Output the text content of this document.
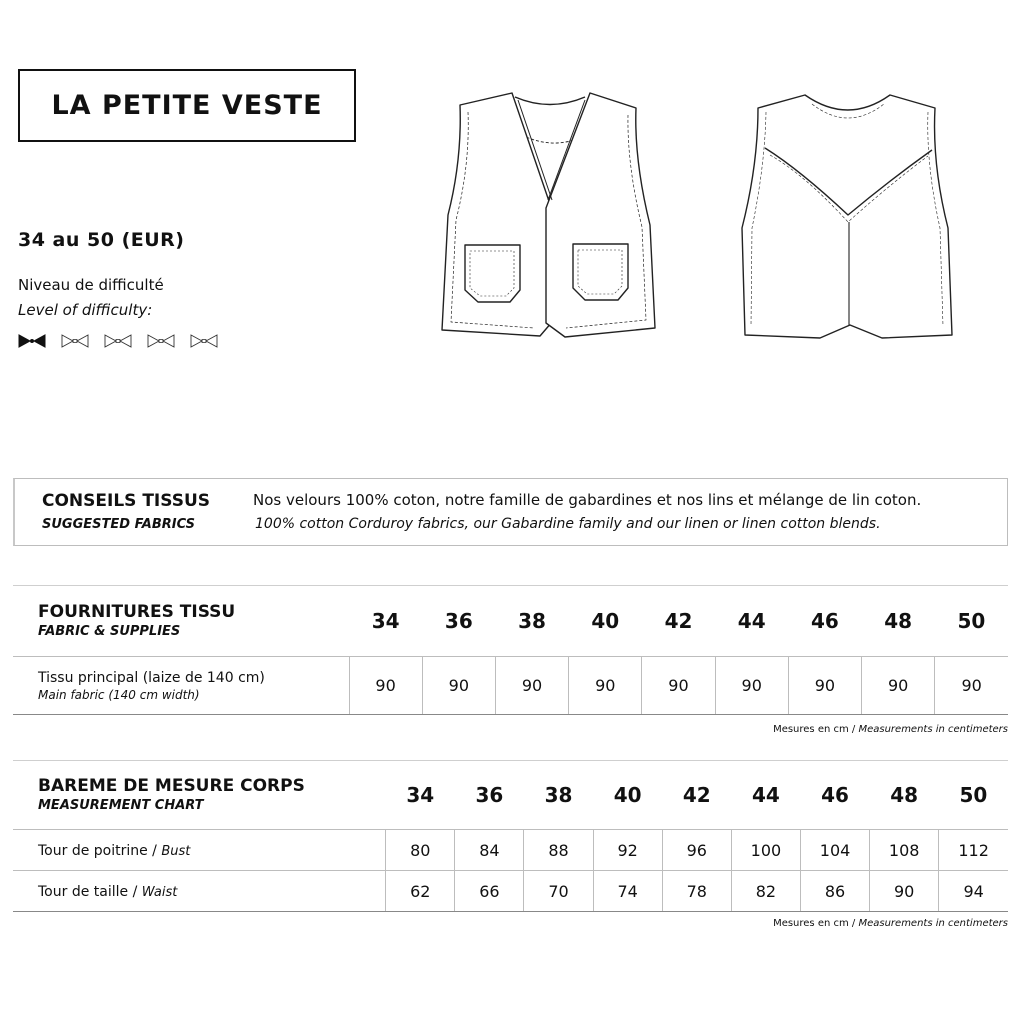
LA PETITE VESTE
34 au 50 (EUR)
Niveau de difficulté
Level of difficulty:
CONSEILS TISSUS
SUGGESTED FABRICS
Nos velours 100% coton, notre famille de gabardines et nos lins et mélange de lin coton.
100% cotton Corduroy fabrics, our Gabardine family and our linen or linen cotton blends.
FOURNITURES TISSU
FABRIC & SUPPLIES	34	36	38	40	42	44	46	48	50

Tissu principal (laize de 140 cm)
Main fabric (140 cm width)	90	90	90	90	90	90	90	90	90
Mesures en cm / Measurements in centimeters
BAREME DE MESURE CORPS
MEASUREMENT CHART	34	36	38	40	42	44	46	48	50
Tour de poitrine / Bust	80	84	88	92	96	100	104	108	112
Tour de taille / Waist	62	66	70	74	78	82	86	90	94
Mesures en cm / Measurements in centimeters
